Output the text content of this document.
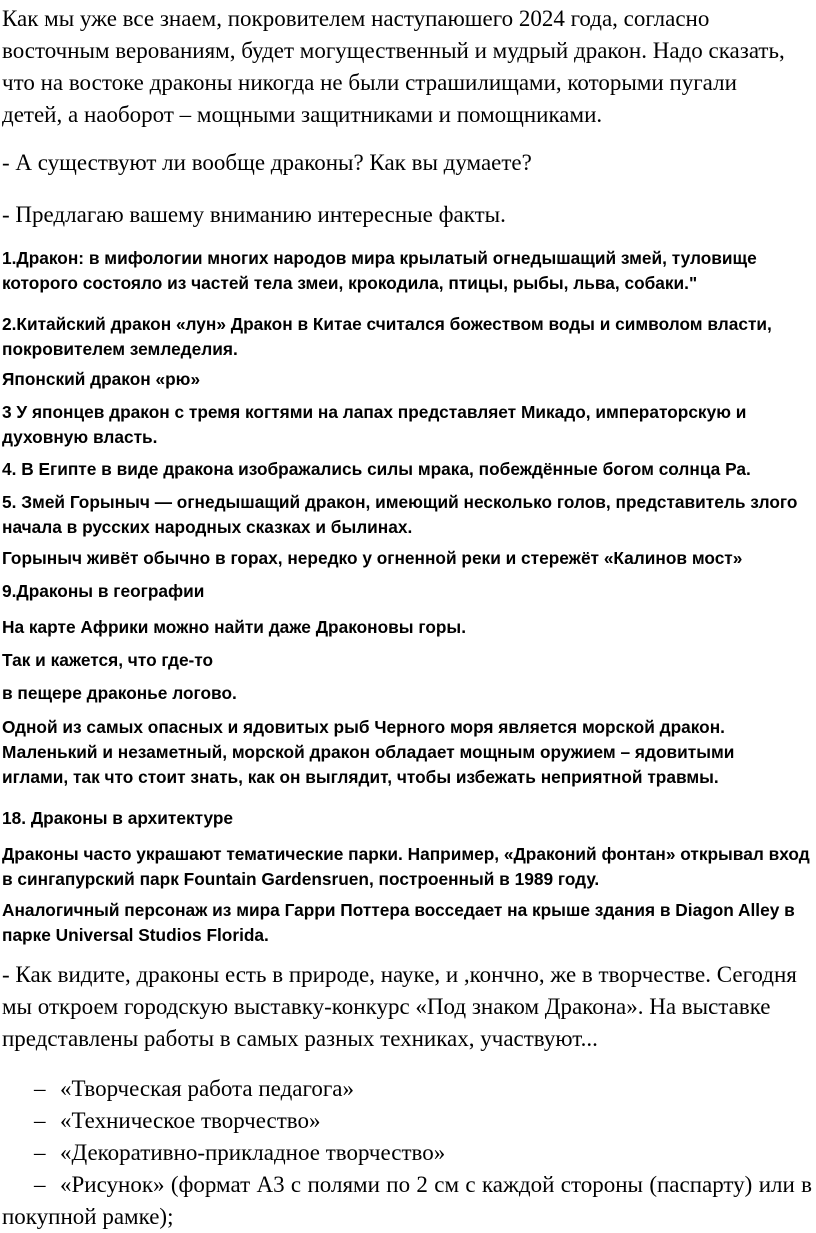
Как мы уже все знаем, покровителем наступаюшего 2024 года, согласно восточным верованиям, будет могущественный и мудрый дракон. Надо сказать, что на востоке драконы никогда не были страшилищами, которыми пугали детей, а наоборот – мощными защитниками и помощниками.

- А существуют ли вообще драконы? Как вы думаете?

- Предлагаю вашему вниманию интересные факты.

1.Дракон: в мифологии многих народов мира крылатый огнедышащий змей, туловище которого состояло из частей тела змеи, крокодила, птицы, рыбы, льва, собаки."

2.Китайский дракон «лун» Дракон в Китае считался божеством воды и символом власти, покровителем земледелия.

Японский дракон «рю»

3 У японцев дракон с тремя когтями на лапах представляет Микадо, императорскую и духовную власть.

4. В Египте в виде дракона изображались силы мрака, побеждённые богом солнца Ра.

5. Змей Горыныч — огнедышащий дракон, имеющий несколько голов, представитель злого начала в русских народных сказках и былинах.

Горыныч живёт обычно в горах, нередко у огненной реки и стережёт «Калинов мост»

9.Драконы в географии

На карте Африки можно найти даже Драконовы горы.

Так и кажется, что где-то

в пещере драконье логово.

Одной из самых опасных и ядовитых рыб Черного моря является морской дракон. Маленький и незаметный, морской дракон обладает мощным оружием – ядовитыми иглами, так что стоит знать, как он выглядит, чтобы избежать неприятной травмы.

18. Драконы в архитектуре

Драконы часто украшают тематические парки. Например, «Драконий фонтан» открывал вход в сингапурский парк Fountain Gardensruen, построенный в 1989 году.

Аналогичный персонаж из мира Гарри Поттера восседает на крыше здания в Diagon Alley в парке Universal Studios Florida.

- Как видите, драконы есть в природе, науке, и ,кончно, же в творчестве. Сегодня мы откроем городскую выставку-конкурс «Под знаком Дракона». На выставке представлены работы в самых разных техниках, участвуют...

– «Творческая работа педагога»
– «Техническое творчество»
– «Декоративно-прикладное творчество»
– «Рисунок» (формат А3 с полями по 2 см с каждой стороны (паспарту) или в покупной рамке);
